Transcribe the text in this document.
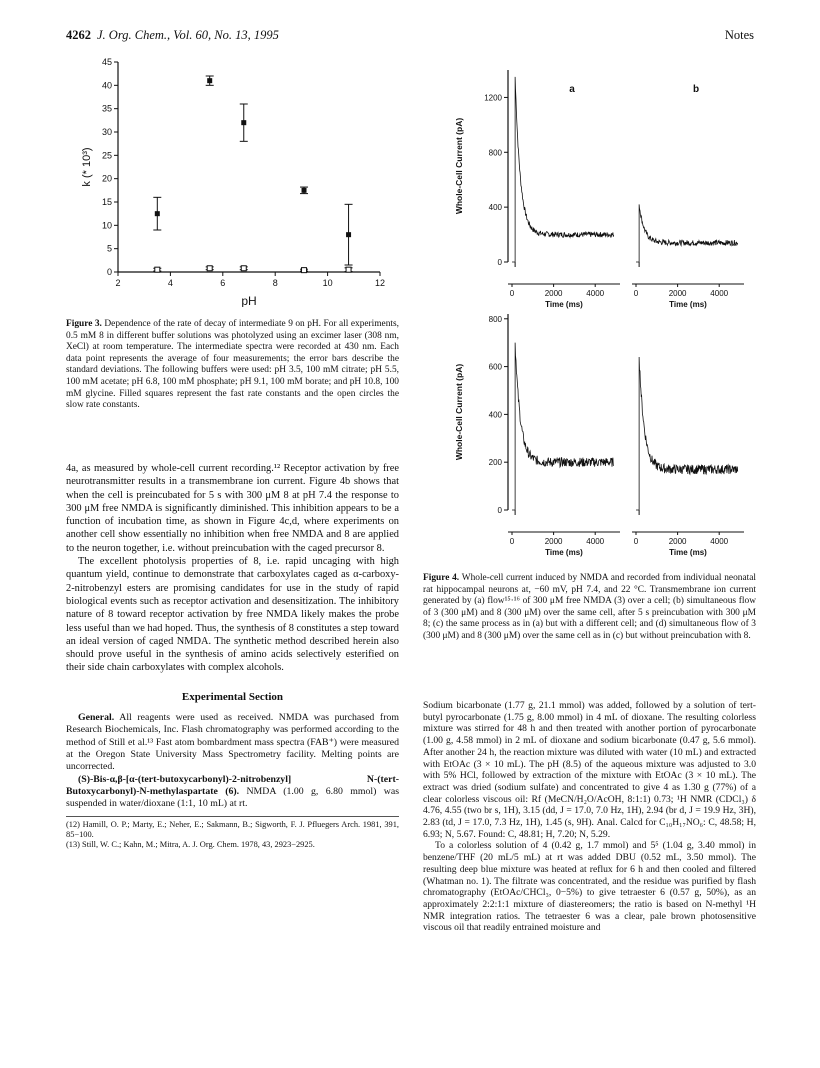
4262 J. Org. Chem., Vol. 60, No. 13, 1995	Notes
0
5
10
15
20
25
30
35
40
45
2	4	6	8	10	12
pH
k (* 10³)
Figure 3. Dependence of the rate of decay of intermediate 9 on pH. For all experiments, 0.5 mM 8 in different buffer solutions was photolyzed using an excimer laser (308 nm, XeCl) at room temperature. The intermediate spectra were recorded at 430 nm. Each data point represents the average of four measurements; the error bars describe the standard deviations. The following buffers were used: pH 3.5, 100 mM citrate; pH 5.5, 100 mM acetate; pH 6.8, 100 mM phosphate; pH 9.1, 100 mM borate; and pH 10.8, 100 mM glycine. Filled squares represent the fast rate constants and the open circles the slow rate constants.

4a, as measured by whole-cell current recording.¹² Receptor activation by free neurotransmitter results in a transmembrane ion current. Figure 4b shows that when the cell is preincubated for 5 s with 300 μM 8 at pH 7.4 the response to 300 μM free NMDA is significantly diminished. This inhibition appears to be a function of incubation time, as shown in Figure 4c,d, where experiments on another cell show essentially no inhibition when free NMDA and 8 are applied to the neuron together, i.e. without preincubation with the caged precursor 8.

The excellent photolysis properties of 8, i.e. rapid uncaging with high quantum yield, continue to demonstrate that carboxylates caged as α-carboxy-2-nitrobenzyl esters are promising candidates for use in the study of rapid biological events such as receptor activation and desensitization. The inhibitory nature of 8 toward receptor activation by free NMDA likely makes the probe less useful than we had hoped. Thus, the synthesis of 8 constitutes a step toward an ideal version of caged NMDA. The synthetic method described herein also should prove useful in the synthesis of amino acids selectively esterified on their side chain carboxylates with complex alcohols.

Experimental Section

General. All reagents were used as received. NMDA was purchased from Research Biochemicals, Inc. Flash chromatography was performed according to the method of Still et al.¹³ Fast atom bombardment mass spectra (FAB⁺) were measured at the Oregon State University Mass Spectrometry facility. Melting points are uncorrected.

(S)-Bis-α,β-[α-(tert-butoxycarbonyl)-2-nitrobenzyl] N-(tert-Butoxycarbonyl)-N-methylaspartate (6). NMDA (1.00 g, 6.80 mmol) was suspended in water/dioxane (1:1, 10 mL) at rt.

(12) Hamill, O. P.; Marty, E.; Neher, E.; Sakmann, B.; Sigworth, F. J. Pfluegers Arch. 1981, 391, 85−100.
(13) Still, W. C.; Kahn, M.; Mitra, A. J. Org. Chem. 1978, 43, 2923−2925.
0
400
800
1200
Whole-Cell Current (pA)
0	2000	4000
Time (ms)
a
0	2000	4000
Time (ms)
b
0
200
400
600
800
Whole-Cell Current (pA)
0	2000	4000
Time (ms)
0	2000	4000
Time (ms)
Figure 4. Whole-cell current induced by NMDA and recorded from individual neonatal rat hippocampal neurons at, −60 mV, pH 7.4, and 22 °C. Transmembrane ion current generated by (a) flow¹⁵·¹⁶ of 300 μM free NMDA (3) over a cell; (b) simultaneous flow of 3 (300 μM) and 8 (300 μM) over the same cell, after 5 s preincubation with 300 μM 8; (c) the same process as in (a) but with a different cell; and (d) simultaneous flow of 3 (300 μM) and 8 (300 μM) over the same cell as in (c) but without preincubation with 8.

Sodium bicarbonate (1.77 g, 21.1 mmol) was added, followed by a solution of tert-butyl pyrocarbonate (1.75 g, 8.00 mmol) in 4 mL of dioxane. The resulting colorless mixture was stirred for 48 h and then treated with another portion of pyrocarbonate (1.00 g, 4.58 mmol) in 2 mL of dioxane and sodium bicarbonate (0.47 g, 5.6 mmol). After another 24 h, the reaction mixture was diluted with water (10 mL) and extracted with EtOAc (3 × 10 mL). The pH (8.5) of the aqueous mixture was adjusted to 3.0 with 5% HCl, followed by extraction of the mixture with EtOAc (3 × 10 mL). The extract was dried (sodium sulfate) and concentrated to give 4 as 1.30 g (77%) of a clear colorless viscous oil: Rf (MeCN/H₂O/AcOH, 8:1:1) 0.73; ¹H NMR (CDCl₃) δ 4.76, 4.55 (two br s, 1H), 3.15 (dd, J = 17.0, 7.0 Hz, 1H), 2.94 (br d, J = 19.9 Hz, 3H), 2.83 (td, J = 17.0, 7.3 Hz, 1H), 1.45 (s, 9H). Anal. Calcd for C₁₀H₁₇NO₆: C, 48.58; H, 6.93; N, 5.67. Found: C, 48.81; H, 7.20; N, 5.29.

To a colorless solution of 4 (0.42 g, 1.7 mmol) and 5⁵ (1.04 g, 3.40 mmol) in benzene/THF (20 mL/5 mL) at rt was added DBU (0.52 mL, 3.50 mmol). The resulting deep blue mixture was heated at reflux for 6 h and then cooled and filtered (Whatman no. 1). The filtrate was concentrated, and the residue was purified by flash chromatography (EtOAc/CHCl₃, 0−5%) to give tetraester 6 (0.57 g, 50%), as an approximately 2:2:1:1 mixture of diastereomers; the ratio is based on N-methyl ¹H NMR integration ratios. The tetraester 6 was a clear, pale brown photosensitive viscous oil that readily entrained moisture and
